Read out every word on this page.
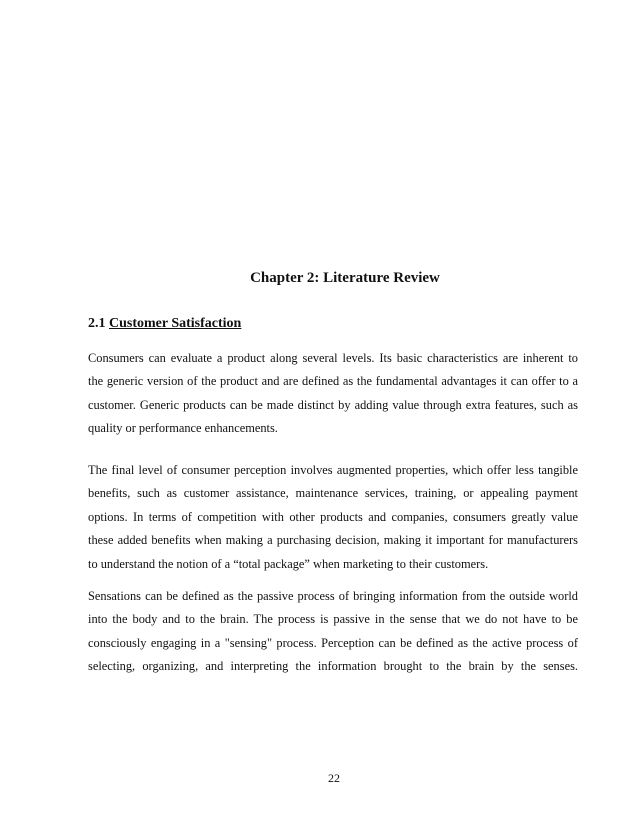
Chapter 2: Literature Review
2.1 Customer Satisfaction
Consumers can evaluate a product along several levels. Its basic characteristics are inherent to
the generic version of the product and are defined as the fundamental advantages it can offer to a
customer. Generic products can be made distinct by adding value through extra features, such as
quality or performance enhancements.
The final level of consumer perception involves augmented properties, which offer less tangible
benefits, such as customer assistance, maintenance services, training, or appealing payment
options. In terms of competition with other products and companies, consumers greatly value
these added benefits when making a purchasing decision, making it important for manufacturers
to understand the notion of a “total package” when marketing to their customers.
Sensations can be defined as the passive process of bringing information from the outside world
into the body and to the brain. The process is passive in the sense that we do not have to be
consciously engaging in a "sensing" process. Perception can be defined as the active process of
selecting, organizing, and interpreting the information brought to the brain by the senses.
22
